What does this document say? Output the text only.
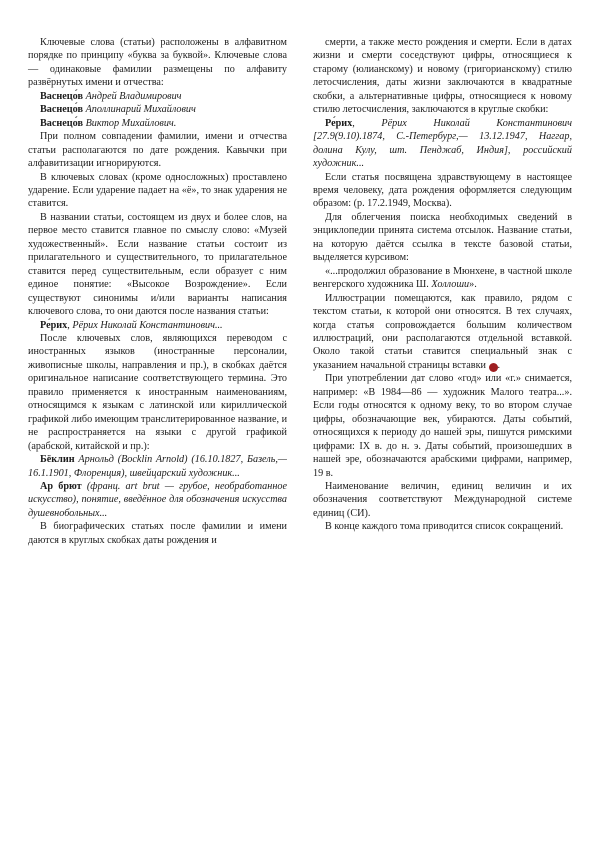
Ключевые слова (статьи) расположены в алфавитном порядке по принципу «буква за буквой». Ключевые слова — одинаковые фамилии размещены по алфавиту развёрнутых имени и отчества:

Васнецо́в Андрей Владимирович

Васнецо́в Аполлинарий Михайлович

Васнецо́в Виктор Михайлович.

При полном совпадении фамилии, имени и отчества статьи располагаются по дате рождения. Кавычки при алфавитизации игнорируются.

В ключевых словах (кроме односложных) проставлено ударение. Если ударение падает на «ё», то знак ударения не ставится.

В названии статьи, состоящем из двух и более слов, на первое место ставится главное по смыслу слово: «Музей художественный». Если название статьи состоит из прилагательного и существительного, то прилагательное ставится перед существительным, если образует с ним единое понятие: «Высокое Возрождение». Если существуют синонимы и/или варианты написания ключевого слова, то они даются после названия статьи:

Ре́рих, Рёрих Николай Константинович...

После ключевых слов, являющихся переводом с иностранных языков (иностранные персоналии, живописные школы, направления и пр.), в скобках даётся оригинальное написание соответствующего термина. Это правило применяется к иностранным наименованиям, относящимся к языкам с латинской или кириллической графикой либо имеющим транслитерированное название, и не распространяется на языки с другой графикой (арабской, китайской и пр.):

Бёклин Арнольд (Bocklin Arnold) (16.10.1827, Базель,— 16.1.1901, Флоренция), швейцарский художник...

Ар брют (франц. art brut — грубое, необработанное искусство), понятие, введённое для обозначения искусства душевнобольных...

В биографических статьях после фамилии и имени даются в круглых скобках даты рождения и

смерти, а также место рождения и смерти. Если в датах жизни и смерти соседствуют цифры, относящиеся к старому (юлианскому) и новому (григорианскому) стилю летосчисления, даты жизни заключаются в квадратные скобки, а альтернативные цифры, относящиеся к новому стилю летосчисления, заключаются в круглые скобки:

Ре́рих, Рёрих Николай Константинович [27.9(9.10).1874, С.-Петербург,— 13.12.1947, Наггар, долина Кулу, шт. Пенджаб, Индия], российский художник...

Если статья посвящена здравствующему в настоящее время человеку, дата рождения оформляется следующим образом: (р. 17.2.1949, Москва).

Для облегчения поиска необходимых сведений в энциклопедии принята система отсылок. Название статьи, на которую даётся ссылка в тексте базовой статьи, выделяется курсивом:

«...продолжил образование в Мюнхене, в частной школе венгерского художника Ш. Холлоши».

Иллюстрации помещаются, как правило, рядом с текстом статьи, к которой они относятся. В тех случаях, когда статья сопровождается большим количеством иллюстраций, они располагаются отдельной вставкой. Около такой статьи ставится специальный знак с указанием начальной страницы вставки 23.

При употреблении дат слово «год» или «г.» снимается, например: «В 1984—86 — художник Малого театра...». Если годы относятся к одному веку, то во втором случае цифры, обозначающие век, убираются. Даты событий, относящихся к периоду до нашей эры, пишутся римскими цифрами: IX в. до н. э. Даты событий, произошедших в нашей эре, обозначаются арабскими цифрами, например, 19 в.

Наименование величин, единиц величин и их обозначения соответствуют Международной системе единиц (СИ).

В конце каждого тома приводится список сокращений.
